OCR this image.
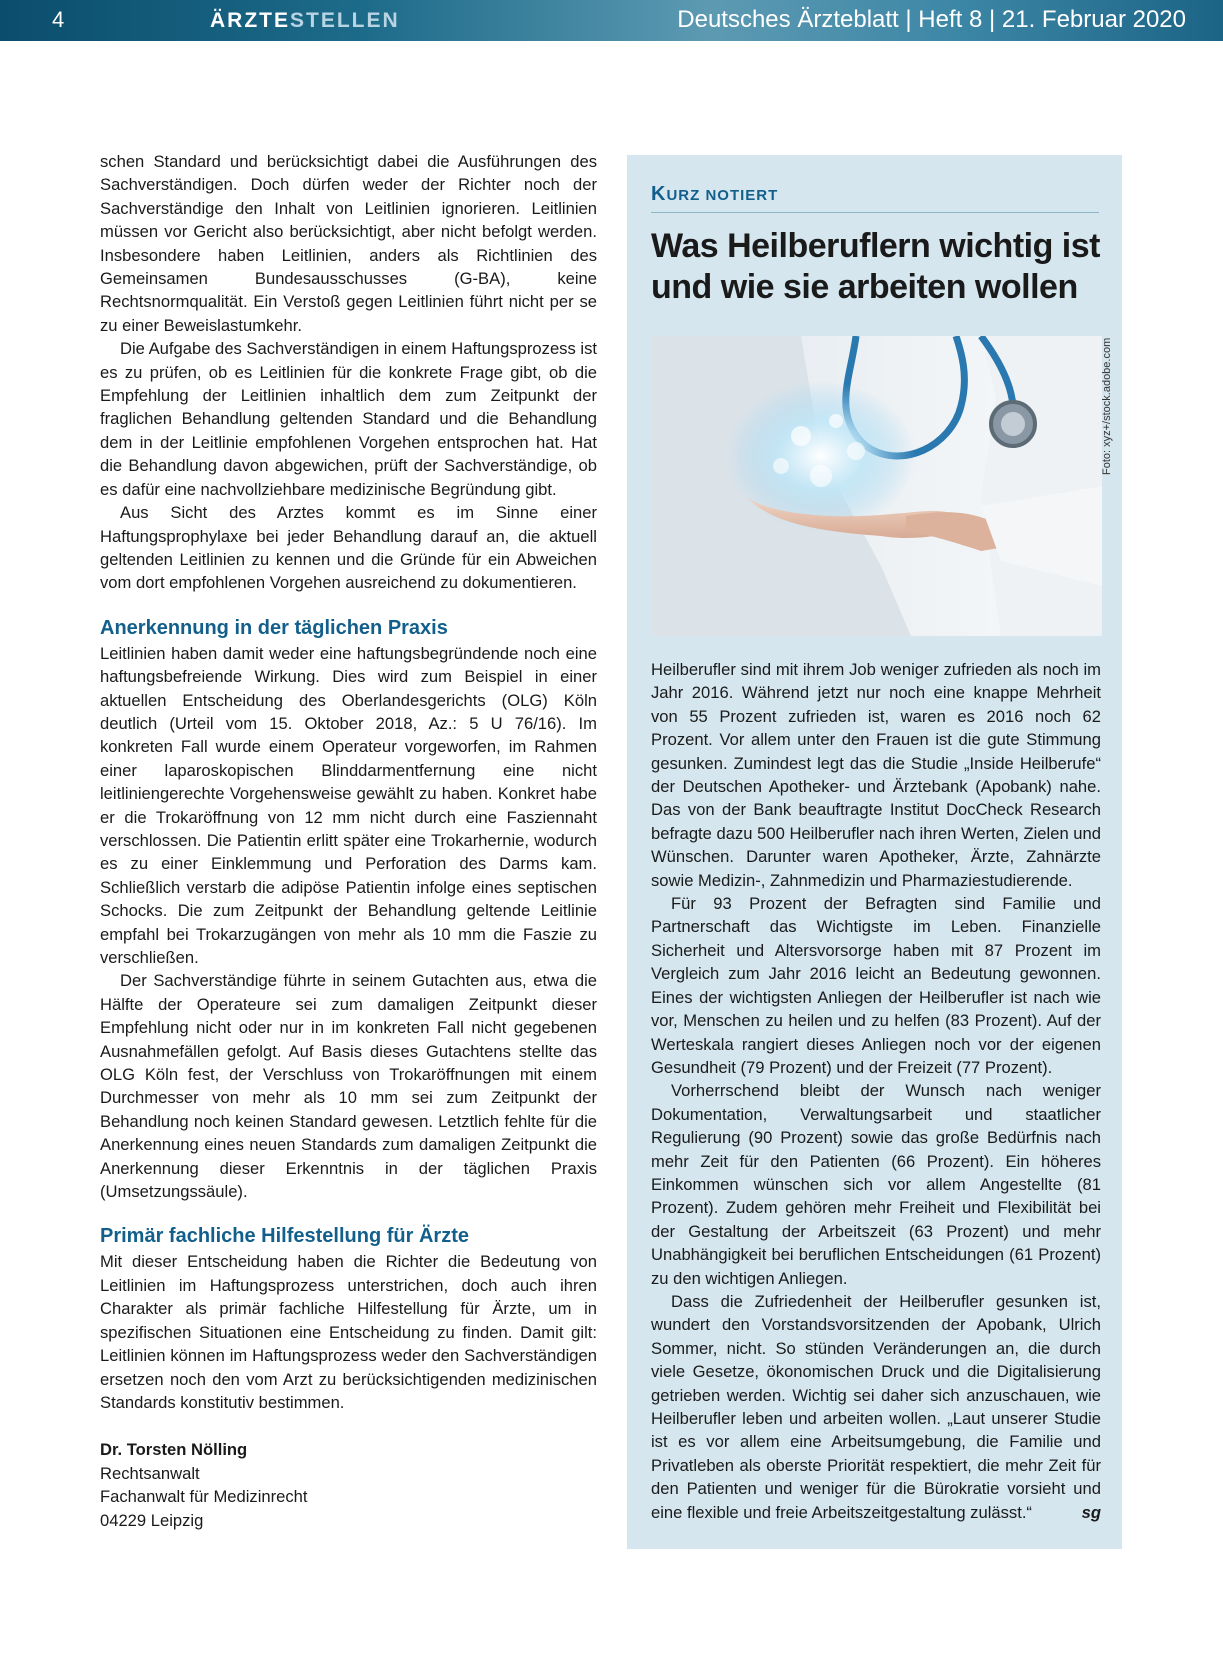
4	ÄRZTESTELLEN	Deutsches Ärzteblatt | Heft 8 | 21. Februar 2020

schen Standard und berücksichtigt dabei die Ausführungen des Sachverständigen. Doch dürfen weder der Richter noch der Sachverständige den Inhalt von Leitlinien ignorieren. Leitlinien müssen vor Gericht also berücksichtigt, aber nicht befolgt werden. Insbesondere haben Leitlinien, anders als Richtlinien des Gemeinsamen Bundesausschusses (G-BA), keine Rechtsnormqualität. Ein Verstoß gegen Leitlinien führt nicht per se zu einer Beweislastumkehr.

Die Aufgabe des Sachverständigen in einem Haftungsprozess ist es zu prüfen, ob es Leitlinien für die konkrete Frage gibt, ob die Empfehlung der Leitlinien inhaltlich dem zum Zeitpunkt der fraglichen Behandlung geltenden Standard und die Behandlung dem in der Leitlinie empfohlenen Vorgehen entsprochen hat. Hat die Behandlung davon abgewichen, prüft der Sachverständige, ob es dafür eine nachvollziehbare medizinische Begründung gibt.

Aus Sicht des Arztes kommt es im Sinne einer Haftungsprophylaxe bei jeder Behandlung darauf an, die aktuell geltenden Leitlinien zu kennen und die Gründe für ein Abweichen vom dort empfohlenen Vorgehen ausreichend zu dokumentieren.

Anerkennung in der täglichen Praxis

Leitlinien haben damit weder eine haftungsbegründende noch eine haftungsbefreiende Wirkung. Dies wird zum Beispiel in einer aktuellen Entscheidung des Oberlandesgerichts (OLG) Köln deutlich (Urteil vom 15. Oktober 2018, Az.: 5 U 76/16). Im konkreten Fall wurde einem Operateur vorgeworfen, im Rahmen einer laparoskopischen Blinddarmentfernung eine nicht leitliniengerechte Vorgehensweise gewählt zu haben. Konkret habe er die Trokaröffnung von 12 mm nicht durch eine Fasziennaht verschlossen. Die Patientin erlitt später eine Trokarhernie, wodurch es zu einer Einklemmung und Perforation des Darms kam. Schließlich verstarb die adipöse Patientin infolge eines septischen Schocks. Die zum Zeitpunkt der Behandlung geltende Leitlinie empfahl bei Trokarzugängen von mehr als 10 mm die Faszie zu verschließen.

Der Sachverständige führte in seinem Gutachten aus, etwa die Hälfte der Operateure sei zum damaligen Zeitpunkt dieser Empfehlung nicht oder nur in im konkreten Fall nicht gegebenen Ausnahmefällen gefolgt. Auf Basis dieses Gutachtens stellte das OLG Köln fest, der Verschluss von Trokaröffnungen mit einem Durchmesser von mehr als 10 mm sei zum Zeitpunkt der Behandlung noch keinen Standard gewesen. Letztlich fehlte für die Anerkennung eines neuen Standards zum damaligen Zeitpunkt die Anerkennung dieser Erkenntnis in der täglichen Praxis (Umsetzungssäule).

Primär fachliche Hilfestellung für Ärzte

Mit dieser Entscheidung haben die Richter die Bedeutung von Leitlinien im Haftungsprozess unterstrichen, doch auch ihren Charakter als primär fachliche Hilfestellung für Ärzte, um in spezifischen Situationen eine Entscheidung zu finden. Damit gilt: Leitlinien können im Haftungsprozess weder den Sachverständigen ersetzen noch den vom Arzt zu berücksichtigenden medizinischen Standards konstitutiv bestimmen.

Dr. Torsten Nölling
Rechtsanwalt
Fachanwalt für Medizinrecht
04229 Leipzig
KURZ NOTIERT
Was Heilberuflern wichtig ist und wie sie arbeiten wollen
Foto: xyz+/stock.adobe.com

Heilberufler sind mit ihrem Job weniger zufrieden als noch im Jahr 2016. Während jetzt nur noch eine knappe Mehrheit von 55 Prozent zufrieden ist, waren es 2016 noch 62 Prozent. Vor allem unter den Frauen ist die gute Stimmung gesunken. Zumindest legt das die Studie „Inside Heilberufe“ der Deutschen Apotheker- und Ärztebank (Apobank) nahe. Das von der Bank beauftragte Institut DocCheck Research befragte dazu 500 Heilberufler nach ihren Werten, Zielen und Wünschen. Darunter waren Apotheker, Ärzte, Zahnärzte sowie Medizin-, Zahnmedizin und Pharmaziestudierende.

Für 93 Prozent der Befragten sind Familie und Partnerschaft das Wichtigste im Leben. Finanzielle Sicherheit und Altersvorsorge haben mit 87 Prozent im Vergleich zum Jahr 2016 leicht an Bedeutung gewonnen. Eines der wichtigsten Anliegen der Heilberufler ist nach wie vor, Menschen zu heilen und zu helfen (83 Prozent). Auf der Werteskala rangiert dieses Anliegen noch vor der eigenen Gesundheit (79 Prozent) und der Freizeit (77 Prozent).

Vorherrschend bleibt der Wunsch nach weniger Dokumentation, Verwaltungsarbeit und staatlicher Regulierung (90 Prozent) sowie das große Bedürfnis nach mehr Zeit für den Patienten (66 Prozent). Ein höheres Einkommen wünschen sich vor allem Angestellte (81 Prozent). Zudem gehören mehr Freiheit und Flexibilität bei der Gestaltung der Arbeitszeit (63 Prozent) und mehr Unabhängigkeit bei beruflichen Entscheidungen (61 Prozent) zu den wichtigen Anliegen.

Dass die Zufriedenheit der Heilberufler gesunken ist, wundert den Vorstandsvorsitzenden der Apobank, Ulrich Sommer, nicht. So stünden Veränderungen an, die durch viele Gesetze, ökonomischen Druck und die Digitalisierung getrieben werden. Wichtig sei daher sich anzuschauen, wie Heilberufler leben und arbeiten wollen. „Laut unserer Studie ist es vor allem eine Arbeitsumgebung, die Familie und Privatleben als oberste Priorität respektiert, die mehr Zeit für den Patienten und weniger für die Bürokratie vorsieht und eine flexible und freie Arbeitszeitgestaltung zulässt.“	sg
